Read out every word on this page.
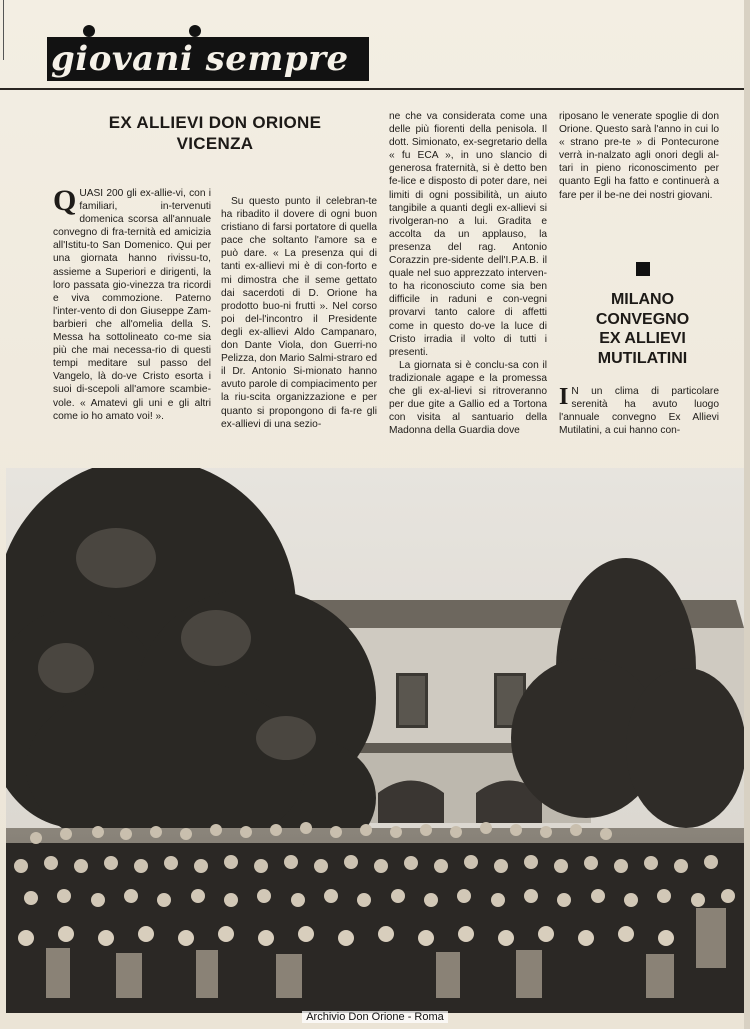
giovani sempre
EX ALLIEVI DON ORIONE
VICENZA

QUASI 200 gli ex-allie-vi, con i familiari, in-tervenuti domenica scorsa all'annuale convegno di fra-ternità ed amicizia all'Istitu-to San Domenico. Qui per una giornata hanno rivissu-to, assieme a Superiori e dirigenti, la loro passata gio-vinezza tra ricordi e viva commozione. Paterno l'inter-vento di don Giuseppe Zam-barbieri che all'omelia della S. Messa ha sottolineato co-me sia più che mai necessa-rio di questi tempi meditare sul passo del Vangelo, là do-ve Cristo esorta i suoi di-scepoli all'amore scambie-vole. « Amatevi gli uni e gli altri come io ho amato voi! ».

Su questo punto il celebran-te ha ribadito il dovere di ogni buon cristiano di farsi portatore di quella pace che soltanto l'amore sa e può dare. « La presenza qui di tanti ex-allievi mi è di con-forto e mi dimostra che il seme gettato dai sacerdoti di D. Orione ha prodotto buo-ni frutti ». Nel corso poi del-l'incontro il Presidente degli ex-allievi Aldo Campanaro, don Dante Viola, don Guerri-no Pelizza, don Mario Salmi-straro ed il Dr. Antonio Si-mionato hanno avuto parole di compiacimento per la riu-scita organizzazione e per quanto si propongono di fa-re gli ex-allievi di una sezio-

ne che va considerata come una delle più fiorenti della penisola. Il dott. Simionato, ex-segretario della « fu ECA », in uno slancio di generosa fraternità, si è detto ben fe-lice e disposto di poter dare, nei limiti di ogni possibilità, un aiuto tangibile a quanti degli ex-allievi si rivolgeran-no a lui. Gradita e accolta da un applauso, la presenza del rag. Antonio Corazzin pre-sidente dell'I.P.A.B. il quale nel suo apprezzato interven-to ha riconosciuto come sia ben difficile in raduni e con-vegni provarvi tanto calore di affetti come in questo do-ve la luce di Cristo irradia il volto di tutti i presenti.

La giornata si è conclu-sa con il tradizionale agape e la promessa che gli ex-al-lievi si ritroveranno per due gite a Gallio ed a Tortona con visita al santuario della Madonna della Guardia dove

riposano le venerate spoglie di don Orione. Questo sarà l'anno in cui lo « strano pre-te » di Pontecurone verrà in-nalzato agli onori degli al-tari in pieno riconoscimento per quanto Egli ha fatto e continuerà a fare per il be-ne dei nostri giovani.

MILANO
CONVEGNO
EX ALLIEVI
MUTILATINI

I N un clima di particolare serenità ha avuto luogo l'annuale convegno Ex Allievi Mutilatini, a cui hanno con-

Archivio Don Orione - Roma
